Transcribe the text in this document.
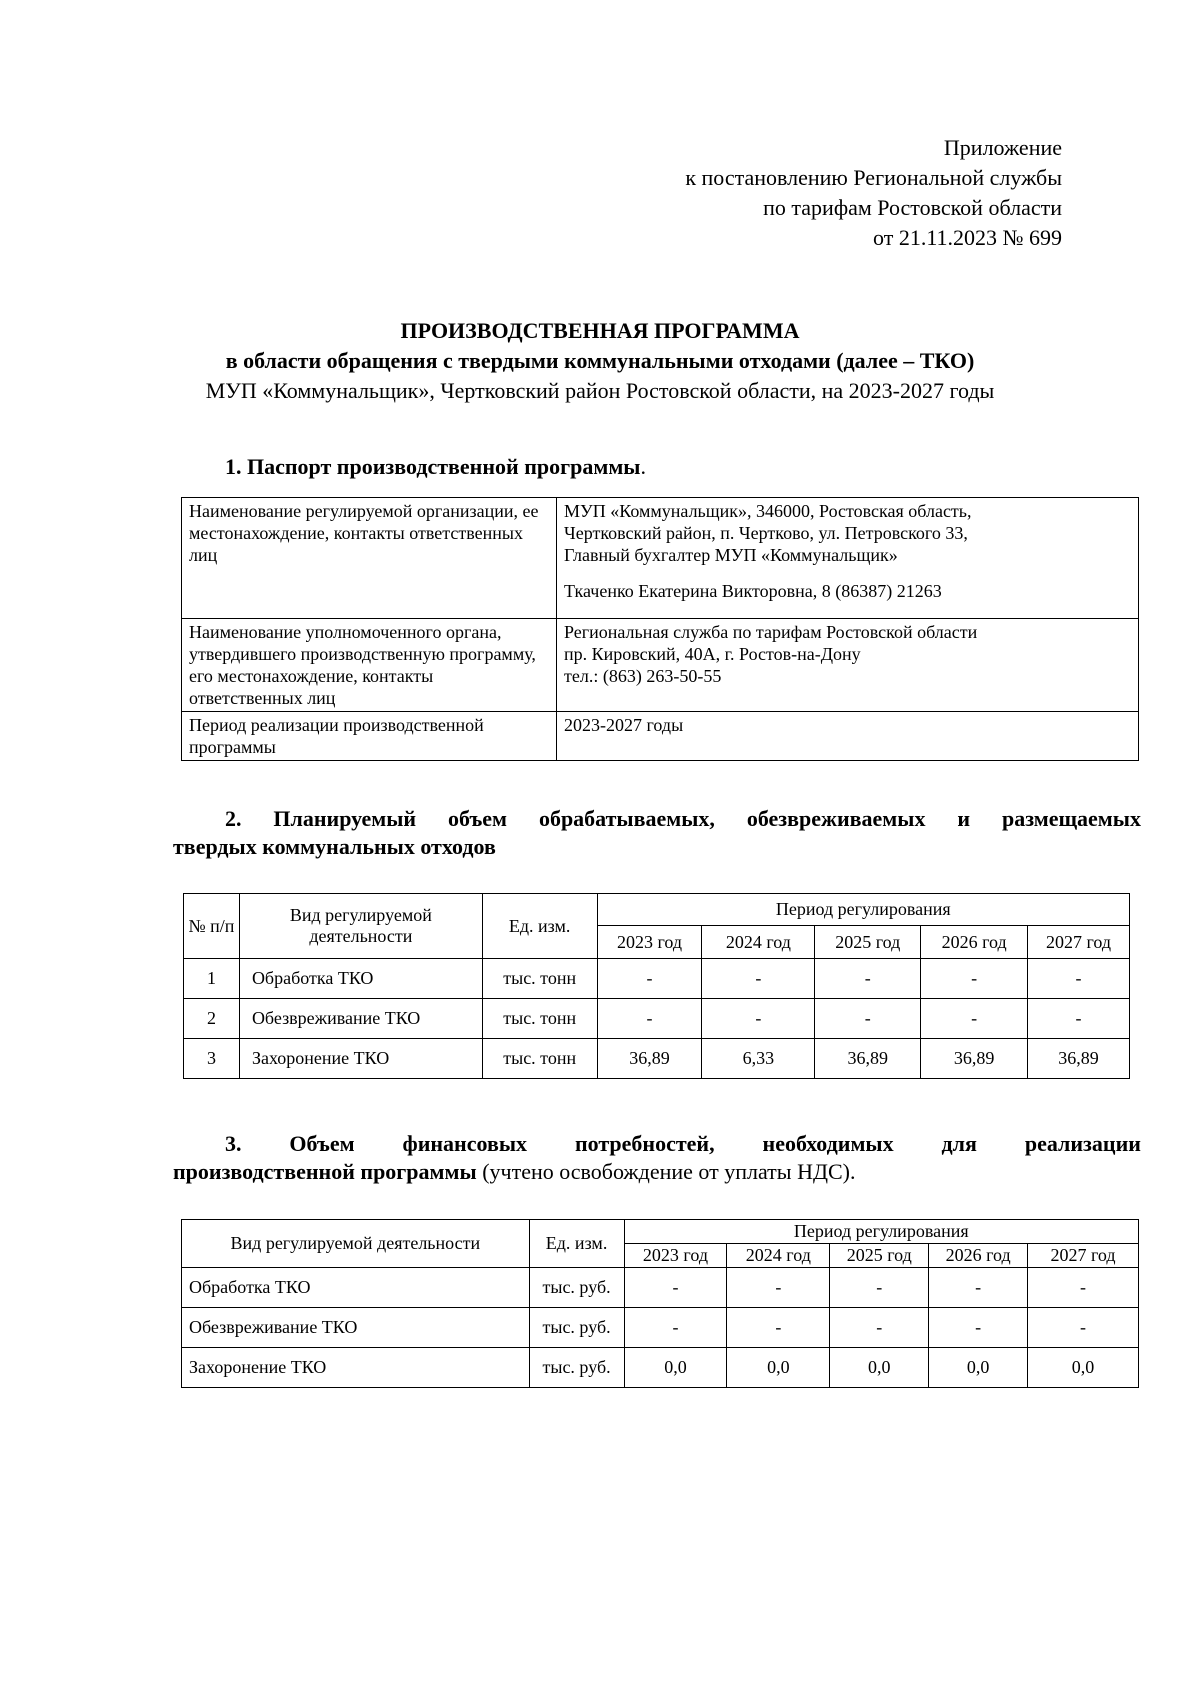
Приложение
к постановлению Региональной службы
по тарифам Ростовской области
от 21.11.2023 № 699
ПРОИЗВОДСТВЕННАЯ ПРОГРАММА
в области обращения с твердыми коммунальными отходами (далее – ТКО)
МУП «Коммунальщик», Чертковский район Ростовской области, на 2023-2027 годы
1. Паспорт производственной программы.
Наименование регулируемой организации, ее местонахождение, контакты ответственных лиц	МУП «Коммунальщик», 346000, Ростовская область,
Чертковский район, п. Чертково, ул. Петровского 33,
Главный бухгалтер МУП «Коммунальщик»
Ткаченко Екатерина Викторовна, 8 (86387) 21263

Наименование уполномоченного органа, утвердившего производственную программу, его местонахождение, контакты ответственных лиц	Региональная служба по тарифам Ростовской области
пр. Кировский, 40А, г. Ростов-на-Дону
тел.: (863) 263-50-55

Период реализации производственной программы	2023-2027 годы
2. Планируемый объем обрабатываемых, обезвреживаемых и размещаемых
твердых коммунальных отходов
№ п/п	Вид регулируемой деятельности	Ед. изм.	Период регулирования				
			2023 год	2024 год	2025 год	2026 год	2027 год
1	Обработка ТКО	тыс. тонн	-	-	-	-	-
2	Обезвреживание ТКО	тыс. тонн	-	-	-	-	-
3	Захоронение ТКО	тыс. тонн	36,89	6,33	36,89	36,89	36,89
3. Объем финансовых потребностей, необходимых для реализации
производственной программы (учтено освобождение от уплаты НДС).
Вид регулируемой деятельности	Ед. изм.	Период регулирования				
		2023 год	2024 год	2025 год	2026 год	2027 год
Обработка ТКО	тыс. руб.	-	-	-	-	-
Обезвреживание ТКО	тыс. руб.	-	-	-	-	-
Захоронение ТКО	тыс. руб.	0,0	0,0	0,0	0,0	0,0
